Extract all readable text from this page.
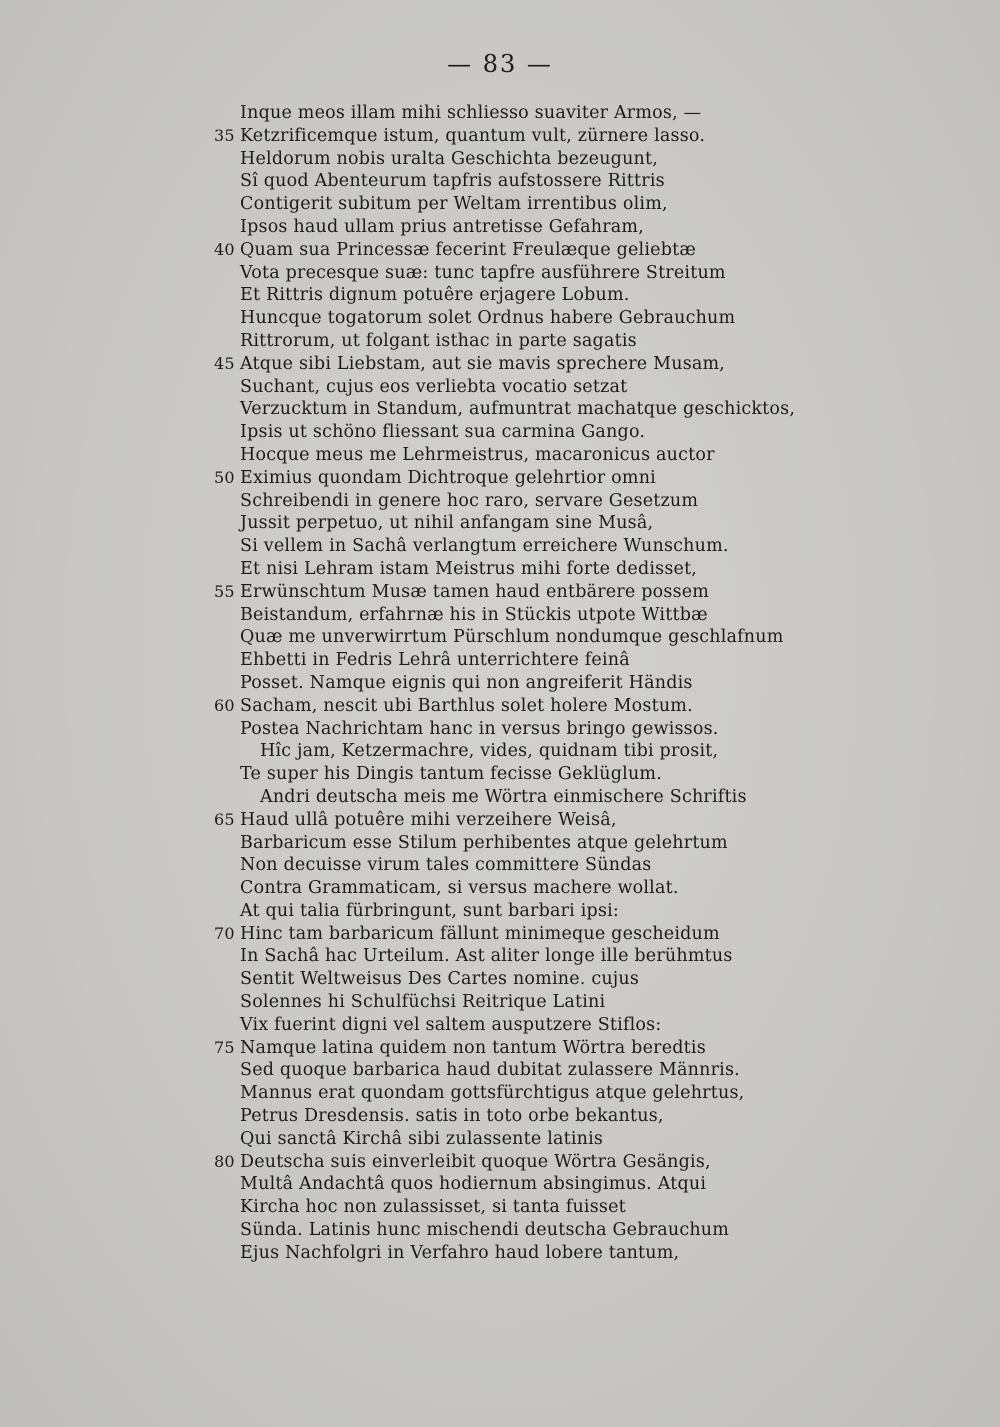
— 83 —
Inque meos illam mihi schliesso suaviter Armos, —
35 Ketzrificemque istum, quantum vult, zürnere lasso.
Heldorum nobis uralta Geschichta bezeugunt,
Sî quod Abenteurum tapfris aufstossere Rittris
Contigerit subitum per Weltam irrentibus olim,
Ipsos haud ullam prius antretisse Gefahram,
40 Quam sua Princessæ fecerint Freulæque geliebtæ
Vota precesque suæ: tunc tapfre ausführere Streitum
Et Rittris dignum potuêre erjagere Lobum.
Huncque togatorum solet Ordnus habere Gebrauchum
Rittrorum, ut folgant isthac in parte sagatis
45 Atque sibi Liebstam, aut sie mavis sprechere Musam,
Suchant, cujus eos verliebta vocatio setzat
Verzucktum in Standum, aufmuntrat machatque geschicktos,
Ipsis ut schöno fliessant sua carmina Gango.
Hocque meus me Lehrmeistrus, macaronicus auctor
50 Eximius quondam Dichtroque gelehrtior omni
Schreibendi in genere hoc raro, servare Gesetzum
Jussit perpetuo, ut nihil anfangam sine Musâ,
Si vellem in Sachâ verlangtum erreichere Wunschum.
Et nisi Lehram istam Meistrus mihi forte dedisset,
55 Erwünschtum Musæ tamen haud entbärere possem
Beistandum, erfahrnæ his in Stückis utpote Wittbæ
Quæ me unverwirrtum Pürschlum nondumque geschlafnum
Ehbetti in Fedris Lehrâ unterrichtere feinâ
Posset. Namque eignis qui non angreiferit Händis
60 Sacham, nescit ubi Barthlus solet holere Mostum.
Postea Nachrichtam hanc in versus bringo gewissos.
Hîc jam, Ketzermachre, vides, quidnam tibi prosit,
Te super his Dingis tantum fecisse Geklüglum.
Andri deutscha meis me Wörtra einmischere Schriftis
65 Haud ullâ potuêre mihi verzeihere Weisâ,
Barbaricum esse Stilum perhibentes atque gelehrtum
Non decuisse virum tales committere Sündas
Contra Grammaticam, si versus machere wollat.
At qui talia fürbringunt, sunt barbari ipsi:
70 Hinc tam barbaricum fällunt minimeque gescheidum
In Sachâ hac Urteilum. Ast aliter longe ille berühmtus
Sentit Weltweisus Des Cartes nomine. cujus
Solennes hi Schulfüchsi Reitrique Latini
Vix fuerint digni vel saltem ausputzere Stiflos:
75 Namque latina quidem non tantum Wörtra beredtis
Sed quoque barbarica haud dubitat zulassere Männris.
Mannus erat quondam gottsfürchtigus atque gelehrtus,
Petrus Dresdensis. satis in toto orbe bekantus,
Qui sanctâ Kirchâ sibi zulassente latinis
80 Deutscha suis einverleibit quoque Wörtra Gesängis,
Multâ Andachtâ quos hodiernum absingimus. Atqui
Kircha hoc non zulassisset, si tanta fuisset
Sünda. Latinis hunc mischendi deutscha Gebrauchum
Ejus Nachfolgri in Verfahro haud lobere tantum,
